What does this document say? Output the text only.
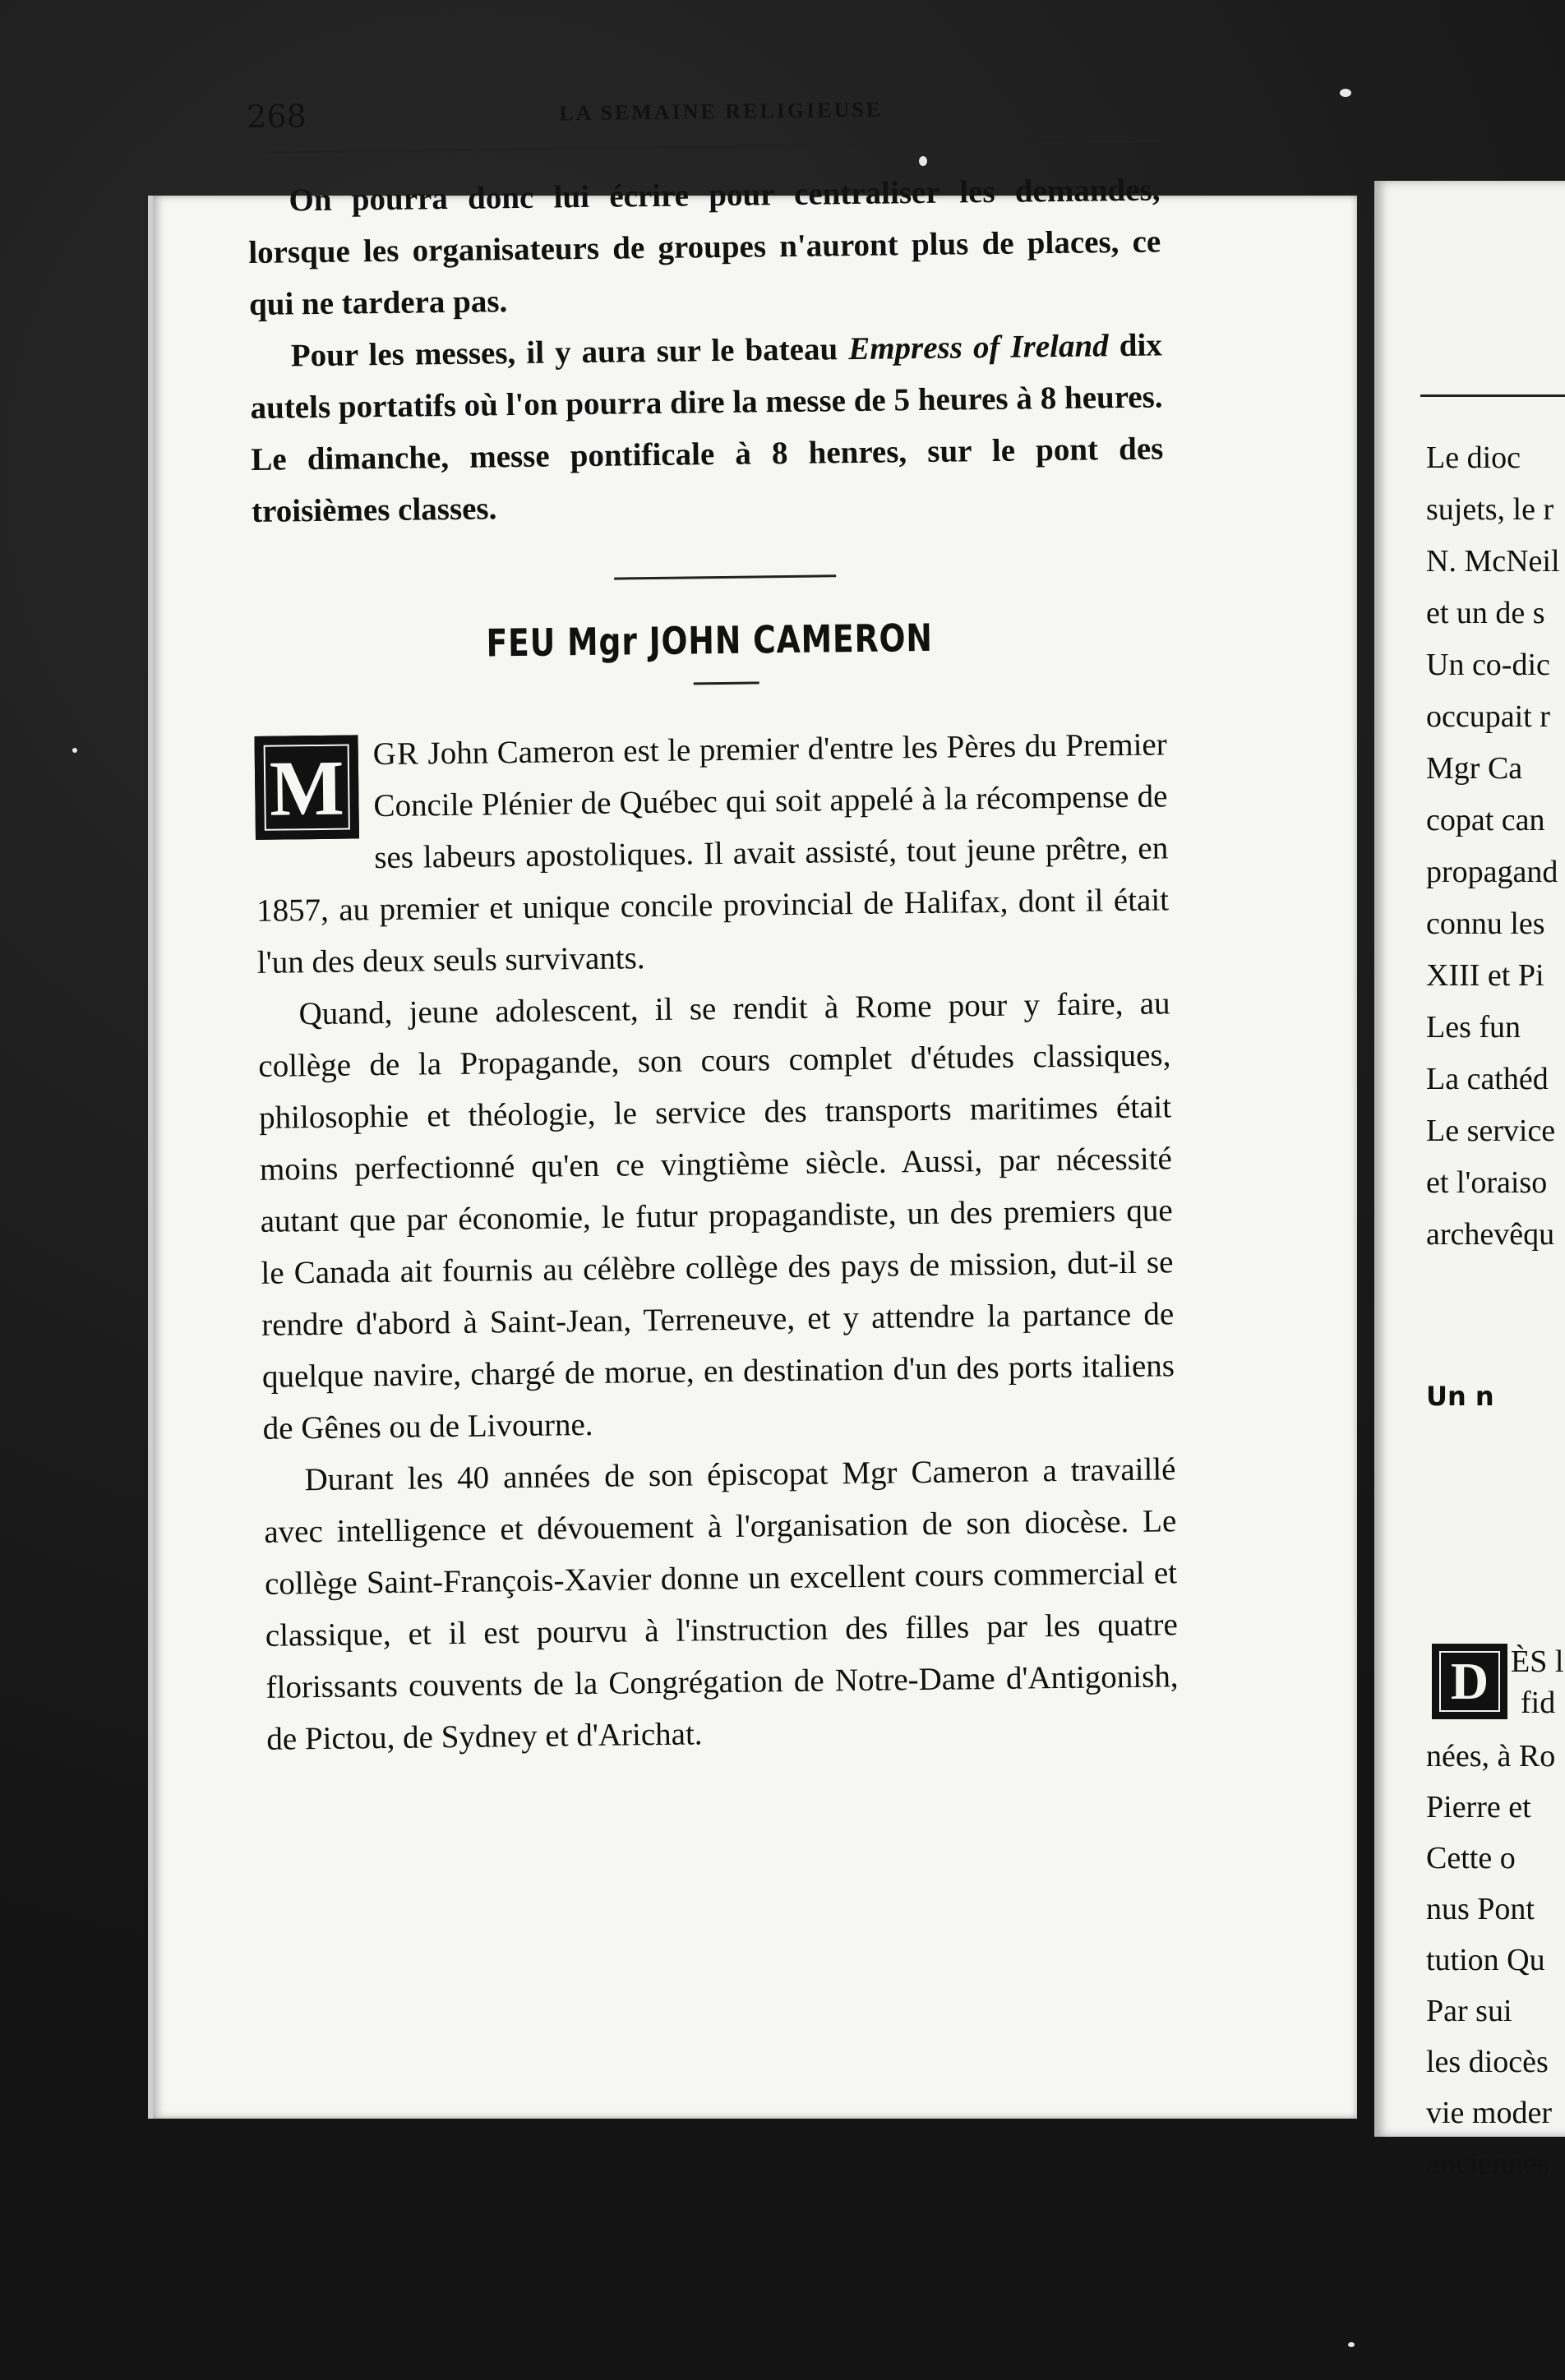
268	LA SEMAINE RELIGIEUSE

On pourra donc lui écrire pour centraliser les demandes, lorsque les organisateurs de groupes n'auront plus de places, ce qui ne tardera pas.

Pour les messes, il y aura sur le bateau Empress of Ireland dix autels portatifs où l'on pourra dire la messe de 5 heures à 8 heures. Le dimanche, messe pontificale à 8 henres, sur le pont des troisièmes classes.

FEU Mgr JOHN CAMERON

M GR John Cameron est le premier d'entre les Pères du Premier Concile Plénier de Québec qui soit appelé à la récompense de ses labeurs apostoliques. Il avait assisté, tout jeune prêtre, en 1857, au premier et unique concile provincial de Halifax, dont il était l'un des deux seuls survivants.

Quand, jeune adolescent, il se rendit à Rome pour y faire, au collège de la Propagande, son cours complet d'études classiques, philosophie et théologie, le service des transports maritimes était moins perfectionné qu'en ce vingtième siècle. Aussi, par nécessité autant que par économie, le futur propagandiste, un des premiers que le Canada ait fournis au célèbre collège des pays de mission, dut-il se rendre d'abord à Saint-Jean, Terreneuve, et y attendre la partance de quelque navire, chargé de morue, en destination d'un des ports italiens de Gênes ou de Livourne.

Durant les 40 années de son épiscopat Mgr Cameron a travaillé avec intelligence et dévouement à l'organisation de son diocèse. Le collège Saint-François-Xavier donne un excellent cours commercial et classique, et il est pourvu à l'instruction des filles par les quatre florissants couvents de la Congrégation de Notre-Dame d'Antigonish, de Pictou, de Sydney et d'Arichat.

Le dioc
sujets, le r
N. McNeil
et un de s
Un co-dic
occupait r
Mgr Ca
copat can
propagand
connu les
XIII et Pi
Les fun
La cathéd
Le service
et l'oraiso
archevêqu
Un n
D ÈS l
fid
nées, à Ro
Pierre et
Cette o
nus Pont
tution Qu
Par sui
les diocès
vie moder
anciennes
